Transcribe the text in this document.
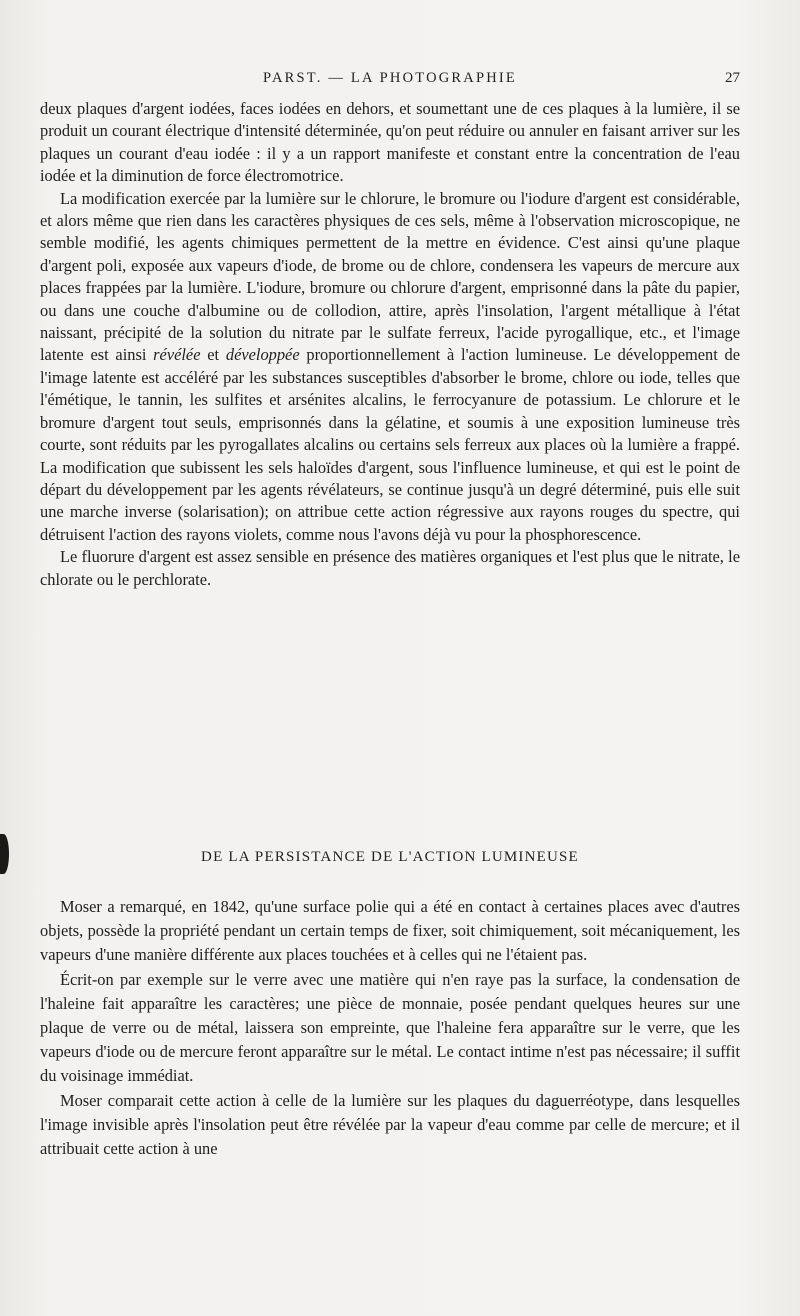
PARST. — LA PHOTOGRAPHIE	27

deux plaques d'argent iodées, faces iodées en dehors, et soumettant une de ces plaques à la lumière, il se produit un courant électrique d'intensité déterminée, qu'on peut réduire ou annuler en faisant arriver sur les plaques un courant d'eau iodée : il y a un rapport manifeste et constant entre la concentration de l'eau iodée et la diminution de force électromotrice.

La modification exercée par la lumière sur le chlorure, le bromure ou l'iodure d'argent est considérable, et alors même que rien dans les caractères physiques de ces sels, même à l'observation microscopique, ne semble modifié, les agents chimiques permettent de la mettre en évidence. C'est ainsi qu'une plaque d'argent poli, exposée aux vapeurs d'iode, de brome ou de chlore, condensera les vapeurs de mercure aux places frappées par la lumière. L'iodure, bromure ou chlorure d'argent, emprisonné dans la pâte du papier, ou dans une couche d'albumine ou de collodion, attire, après l'insolation, l'argent métallique à l'état naissant, précipité de la solution du nitrate par le sulfate ferreux, l'acide pyrogallique, etc., et l'image latente est ainsi révélée et développée proportionnellement à l'action lumineuse. Le développement de l'image latente est accéléré par les substances susceptibles d'absorber le brome, chlore ou iode, telles que l'émétique, le tannin, les sulfites et arsénites alcalins, le ferrocyanure de potassium. Le chlorure et le bromure d'argent tout seuls, emprisonnés dans la gélatine, et soumis à une exposition lumineuse très courte, sont réduits par les pyrogallates alcalins ou certains sels ferreux aux places où la lumière a frappé. La modification que subissent les sels haloïdes d'argent, sous l'influence lumineuse, et qui est le point de départ du développement par les agents révélateurs, se continue jusqu'à un degré déterminé, puis elle suit une marche inverse (solarisation); on attribue cette action régressive aux rayons rouges du spectre, qui détruisent l'action des rayons violets, comme nous l'avons déjà vu pour la phosphorescence.

Le fluorure d'argent est assez sensible en présence des matières organiques et l'est plus que le nitrate, le chlorate ou le perchlorate.

DE LA PERSISTANCE DE L'ACTION LUMINEUSE

Moser a remarqué, en 1842, qu'une surface polie qui a été en contact à certaines places avec d'autres objets, possède la propriété pendant un certain temps de fixer, soit chimiquement, soit mécaniquement, les vapeurs d'une manière différente aux places touchées et à celles qui ne l'étaient pas.

Écrit-on par exemple sur le verre avec une matière qui n'en raye pas la surface, la condensation de l'haleine fait apparaître les caractères; une pièce de monnaie, posée pendant quelques heures sur une plaque de verre ou de métal, laissera son empreinte, que l'haleine fera apparaître sur le verre, que les vapeurs d'iode ou de mercure feront apparaître sur le métal. Le contact intime n'est pas nécessaire; il suffit du voisinage immédiat.

Moser comparait cette action à celle de la lumière sur les plaques du daguerréotype, dans lesquelles l'image invisible après l'insolation peut être révélée par la vapeur d'eau comme par celle de mercure; et il attribuait cette action à une
